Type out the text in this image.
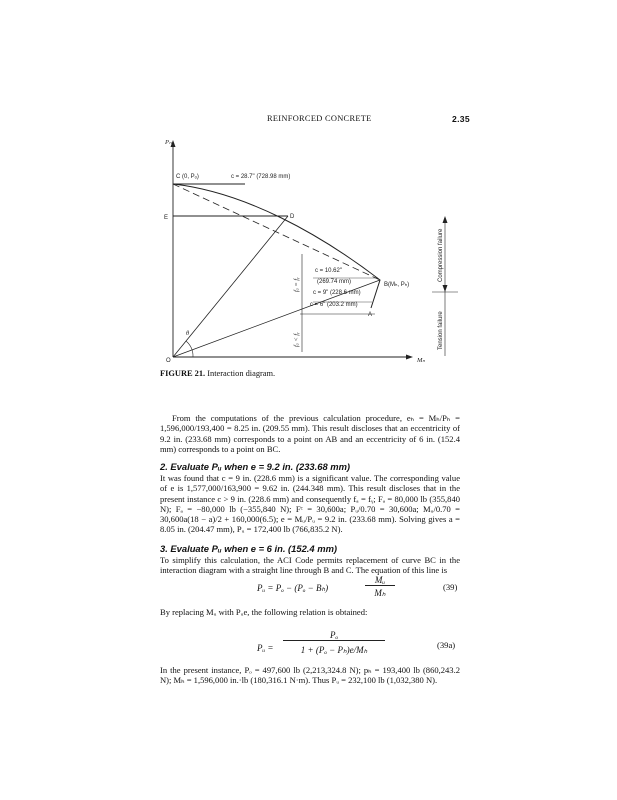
REINFORCED CONCRETE	2.35
Pₙ
C (0, Pₒ)	c = 28.7" (728.98 mm)
E	D
c = 10.62"
(269.74 mm)
c = 9" (228.6 mm)
c = 6" (203.2 mm)
B(Mₕ, Pₕ)
A
θ
O	Mₙ
fₐ = fᵧ
fₐ < fᵧ
Compression failure
Tension failure
FIGURE 21. Interaction diagram.
From the computations of the previous calculation procedure, eₕ = Mₕ/Pₕ = 1,596,000/193,400 = 8.25 in. (209.55 mm). This result discloses that an eccentricity of 9.2 in. (233.68 mm) corresponds to a point on AB and an eccentricity of 6 in. (152.4 mm) corresponds to a point on BC.
2. Evaluate Pᵤ when e = 9.2 in. (233.68 mm)
It was found that c = 9 in. (228.6 mm) is a significant value. The corresponding value of e is 1,577,000/163,900 = 9.62 in. (244.348 mm). This result discloses that in the present instance c > 9 in. (228.6 mm) and consequently fₐ = fᵧ; Fₐ = 80,000 lb (355,840 N); Fₐ = −80,000 lb (−355,840 N); Fᶜ = 30,600a; Pᵤ/0.70 = 30,600a; Mᵤ/0.70 = 30,600a(18 − a)/2 + 160,000(6.5); e = Mᵤ/Pᵤ = 9.2 in. (233.68 mm). Solving gives a = 8.05 in. (204.47 mm), Pᵤ = 172,400 lb (766,835.2 N).
3. Evaluate Pᵤ when e = 6 in. (152.4 mm)
To simplify this calculation, the ACI Code permits replacement of curve BC in the interaction diagram with a straight line through B and C. The equation of this line is
Pᵤ = Pₒ − (Pₒ − Bₕ)
Mᵤ
Mₕ
(39)
By replacing Mᵤ with Pᵤe, the following relation is obtained:
Pᵤ =
Pₒ
1 + (Pₒ − Pₕ)e/Mₕ	(39a)
In the present instance, Pₒ = 497,600 lb (2,213,324.8 N); pₕ = 193,400 lb (860,243.2 N); Mₕ = 1,596,000 in.·lb (180,316.1 N·m). Thus Pᵤ = 232,100 lb (1,032,380 N).
